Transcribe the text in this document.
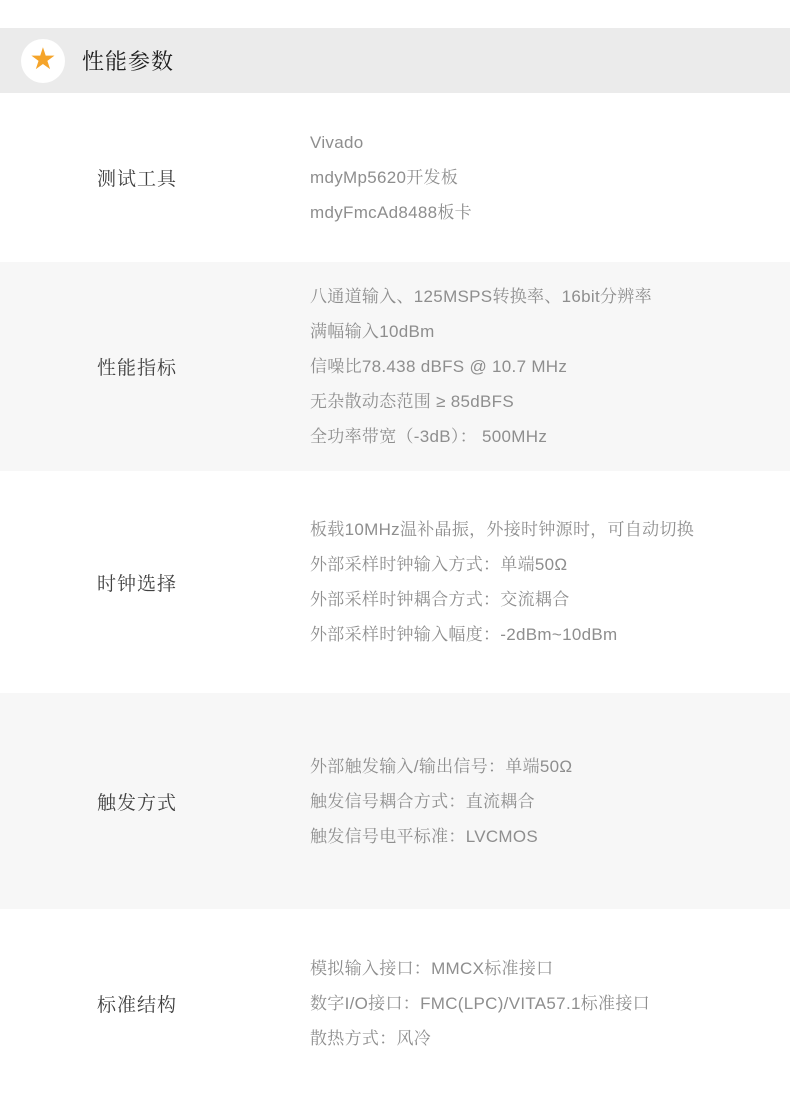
★ 性能参数
测试工具
Vivado
mdyMp5620开发板
mdyFmcAd8488板卡
性能指标
八通道输入、125MSPS转换率、16bit分辨率
满幅输入10dBm
信噪比78.438 dBFS @ 10.7 MHz
无杂散动态范围 ≥ 85dBFS
全功率带宽（-3dB）： 500MHz
时钟选择
板载10MHz温补晶振，外接时钟源时，可自动切换
外部采样时钟输入方式：单端50Ω
外部采样时钟耦合方式：交流耦合
外部采样时钟输入幅度：-2dBm~10dBm
触发方式
外部触发输入/输出信号：单端50Ω
触发信号耦合方式：直流耦合
触发信号电平标准：LVCMOS
标准结构
模拟输入接口：MMCX标准接口
数字I/O接口：FMC(LPC)/VITA57.1标准接口
散热方式：风冷
